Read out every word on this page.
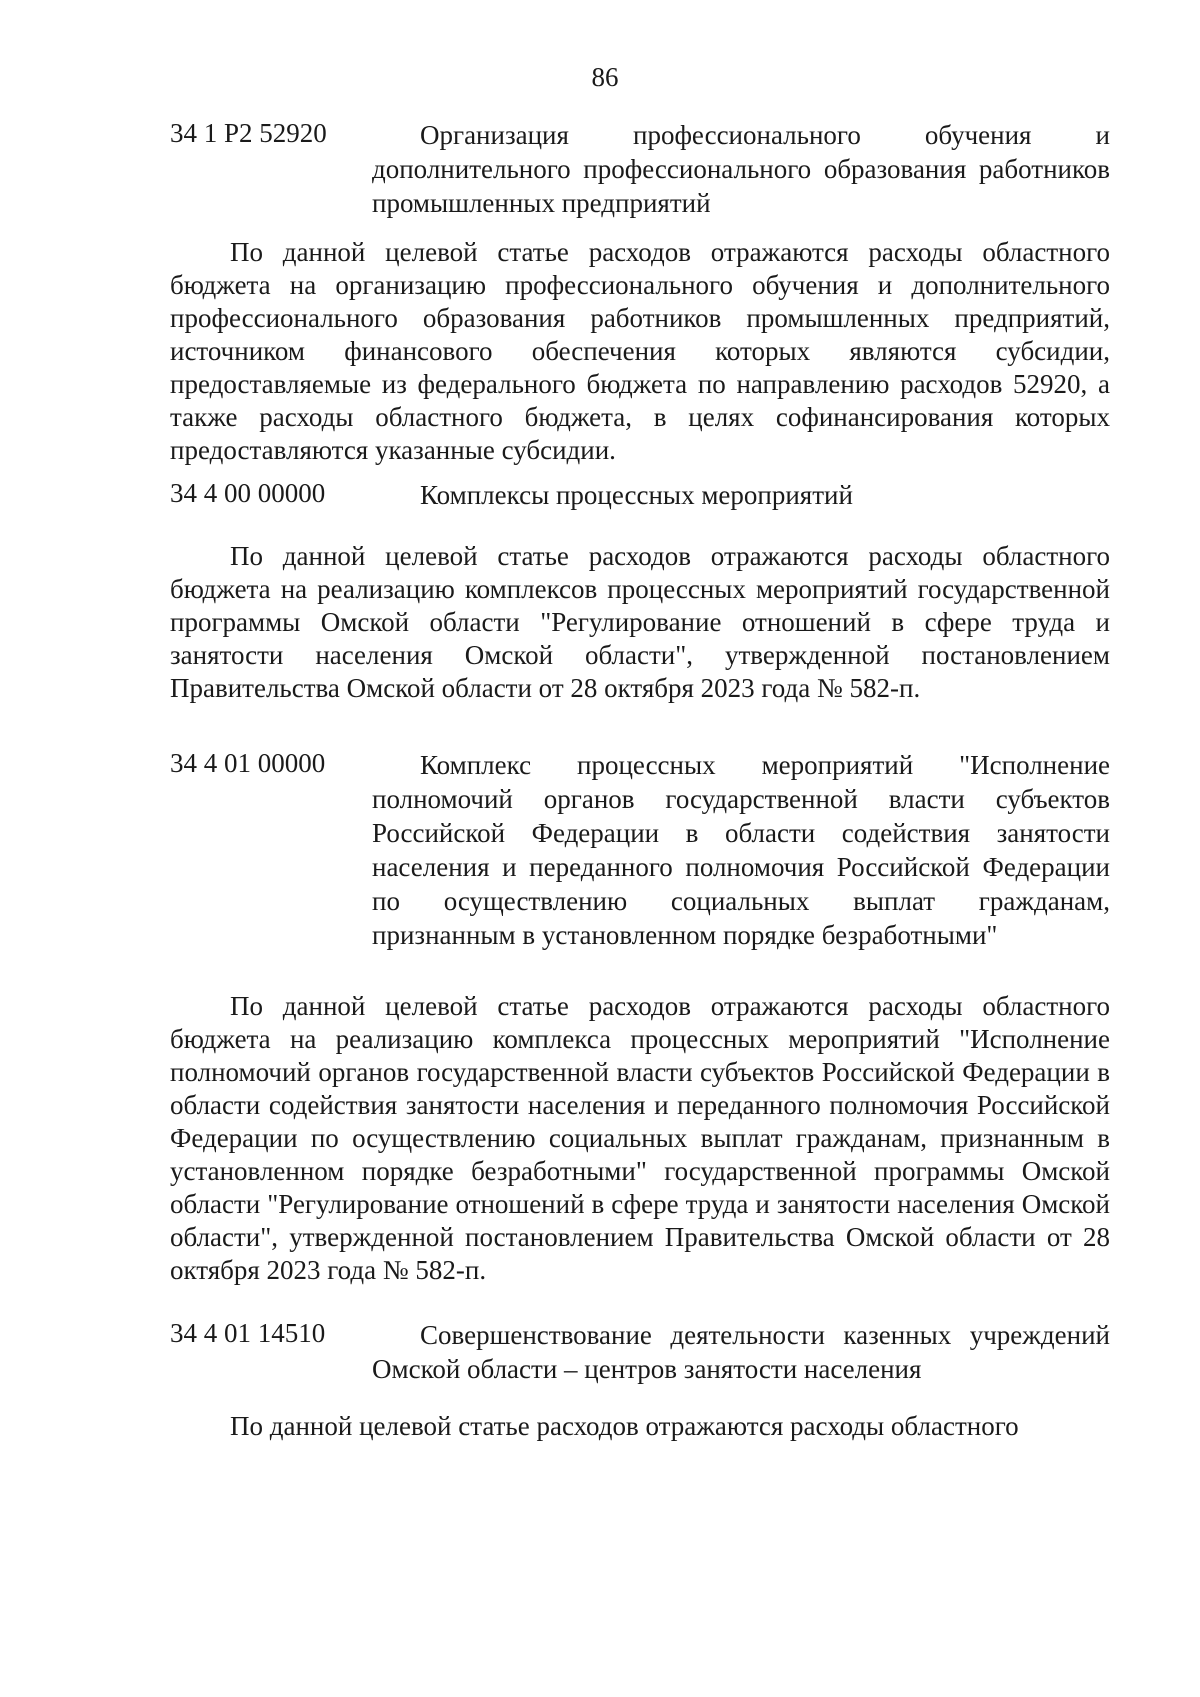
86
34 1 Р2 52920	Организация профессионального обучения и дополнительного профессионального образования работников промышленных предприятий
По данной целевой статье расходов отражаются расходы областного бюджета на организацию профессионального обучения и дополнительного профессионального образования работников промышленных предприятий, источником финансового обеспечения которых являются субсидии, предоставляемые из федерального бюджета по направлению расходов 52920, а также расходы областного бюджета, в целях софинансирования которых предоставляются указанные субсидии.
34 4 00 00000	Комплексы процессных мероприятий
По данной целевой статье расходов отражаются расходы областного бюджета на реализацию комплексов процессных мероприятий государственной программы Омской области "Регулирование отношений в сфере труда и занятости населения Омской области", утвержденной постановлением Правительства Омской области от 28 октября 2023 года № 582-п.
34 4 01 00000	Комплекс процессных мероприятий "Исполнение полномочий органов государственной власти субъектов Российской Федерации в области содействия занятости населения и переданного полномочия Российской Федерации по осуществлению социальных выплат гражданам, признанным в установленном порядке безработными"
По данной целевой статье расходов отражаются расходы областного бюджета на реализацию комплекса процессных мероприятий "Исполнение полномочий органов государственной власти субъектов Российской Федерации в области содействия занятости населения и переданного полномочия Российской Федерации по осуществлению социальных выплат гражданам, признанным в установленном порядке безработными" государственной программы Омской области "Регулирование отношений в сфере труда и занятости населения Омской области", утвержденной постановлением Правительства Омской области от 28 октября 2023 года № 582-п.
34 4 01 14510	Совершенствование деятельности казенных учреждений Омской области – центров занятости населения
По данной целевой статье расходов отражаются расходы областного
